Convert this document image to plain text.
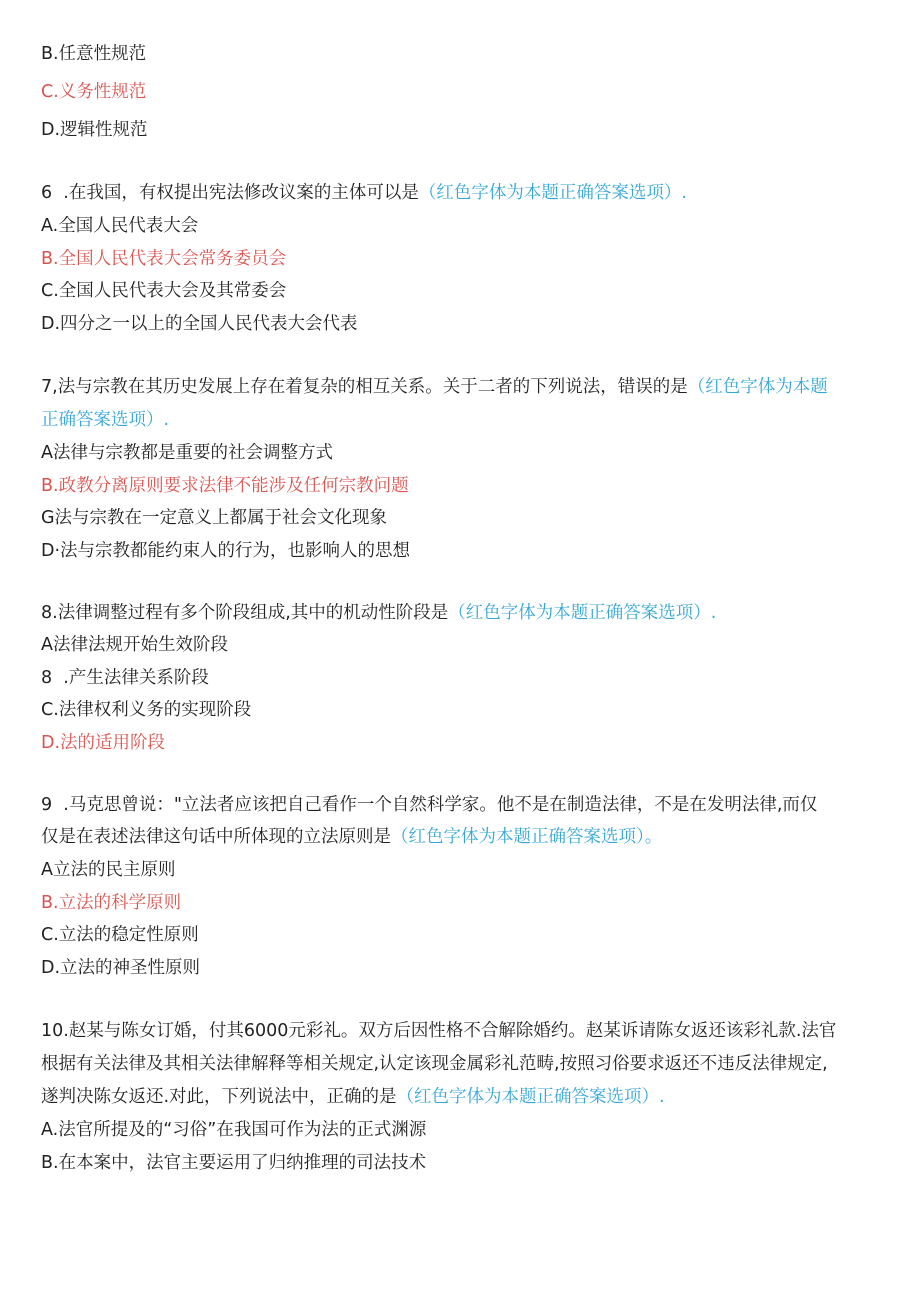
B.任意性规范
C.义务性规范
D.逻辑性规范
6  .在我国，有权提出宪法修改议案的主体可以是（红色字体为本题正确答案选项）.
A.全国人民代表大会
B.全国人民代表大会常务委员会
C.全国人民代表大会及其常委会
D.四分之一以上的全国人民代表大会代表
7,法与宗教在其历史发展上存在着复杂的相互关系。关于二者的下列说法，错误的是（红色字体为本题
正确答案选项）.
A法律与宗教都是重要的社会调整方式
B.政教分离原则要求法律不能涉及任何宗教问题
G法与宗教在一定意义上都属于社会文化现象
D·法与宗教都能约束人的行为，也影响人的思想
8.法律调整过程有多个阶段组成,其中的机动性阶段是（红色字体为本题正确答案选项）.
A法律法规开始生效阶段
8  .产生法律关系阶段
C.法律权利义务的实现阶段
D.法的适用阶段
9  .马克思曾说："立法者应该把自己看作一个自然科学家。他不是在制造法律，不是在发明法律,而仅
仅是在表述法律这句话中所体现的立法原则是（红色字体为本题正确答案选项）。
A立法的民主原则
B.立法的科学原则
C.立法的稳定性原则
D.立法的神圣性原则
10.赵某与陈女订婚，付其6000元彩礼。双方后因性格不合解除婚约。赵某诉请陈女返还该彩礼款.法官
根据有关法律及其相关法律解释等相关规定,认定该现金属彩礼范畴,按照习俗要求返还不违反法律规定,
遂判决陈女返还.对此，下列说法中，正确的是（红色字体为本题正确答案选项）.
A.法官所提及的“习俗”在我国可作为法的正式渊源
B.在本案中，法官主要运用了归纳推理的司法技术
